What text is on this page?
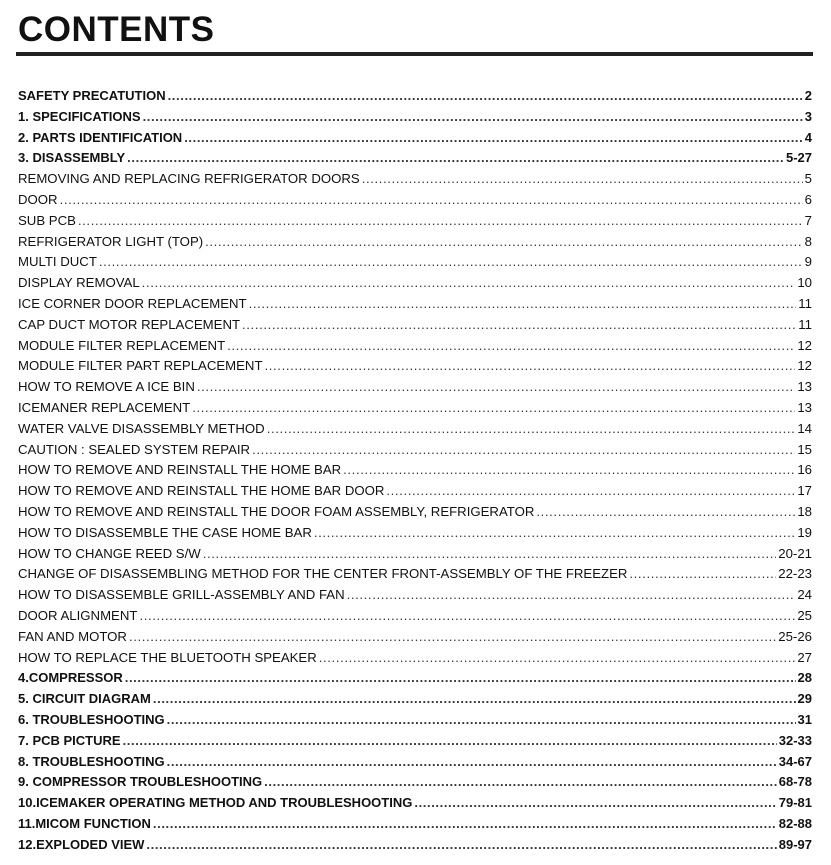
CONTENTS
SAFETY PRECATUTION .....	2
1. SPECIFICATIONS .....	3
2. PARTS IDENTIFICATION .....	4
3. DISASSEMBLY .....	5-27
REMOVING AND REPLACING REFRIGERATOR DOORS .....	5
DOOR .....	6
SUB PCB .....	7
REFRIGERATOR LIGHT (TOP) .....	8
MULTI DUCT .....	9
DISPLAY REMOVAL .....	10
ICE CORNER DOOR REPLACEMENT .....	11
CAP DUCT MOTOR REPLACEMENT .....	11
MODULE FILTER REPLACEMENT .....	12
MODULE FILTER PART REPLACEMENT .....	12
HOW TO REMOVE A ICE BIN .....	13
ICEMANER REPLACEMENT .....	13
WATER VALVE DISASSEMBLY METHOD .....	14
CAUTION : SEALED SYSTEM REPAIR .....	15
HOW TO REMOVE AND REINSTALL THE HOME BAR .....	16
HOW TO REMOVE AND REINSTALL THE HOME BAR DOOR .....	17
HOW TO REMOVE AND REINSTALL THE DOOR FOAM ASSEMBLY, REFRIGERATOR .....	18
HOW TO DISASSEMBLE THE CASE HOME BAR .....	19
HOW TO CHANGE REED S/W .....	20-21
CHANGE OF DISASSEMBLING METHOD FOR THE CENTER FRONT-ASSEMBLY OF THE FREEZER .....	22-23
HOW TO DISASSEMBLE GRILL-ASSEMBLY AND FAN .....	24
DOOR ALIGNMENT .....	25
FAN AND MOTOR .....	25-26
HOW TO REPLACE THE BLUETOOTH SPEAKER .....	27
4.COMPRESSOR .....	28
5. CIRCUIT DIAGRAM .....	29
6. TROUBLESHOOTING .....	31
7. PCB PICTURE .....	32-33
8. TROUBLESHOOTING .....	34-67
9. COMPRESSOR TROUBLESHOOTING .....	68-78
10.ICEMAKER OPERATING METHOD AND TROUBLESHOOTING .....	79-81
11.MICOM FUNCTION .....	82-88
12.EXPLODED VIEW .....	89-97
